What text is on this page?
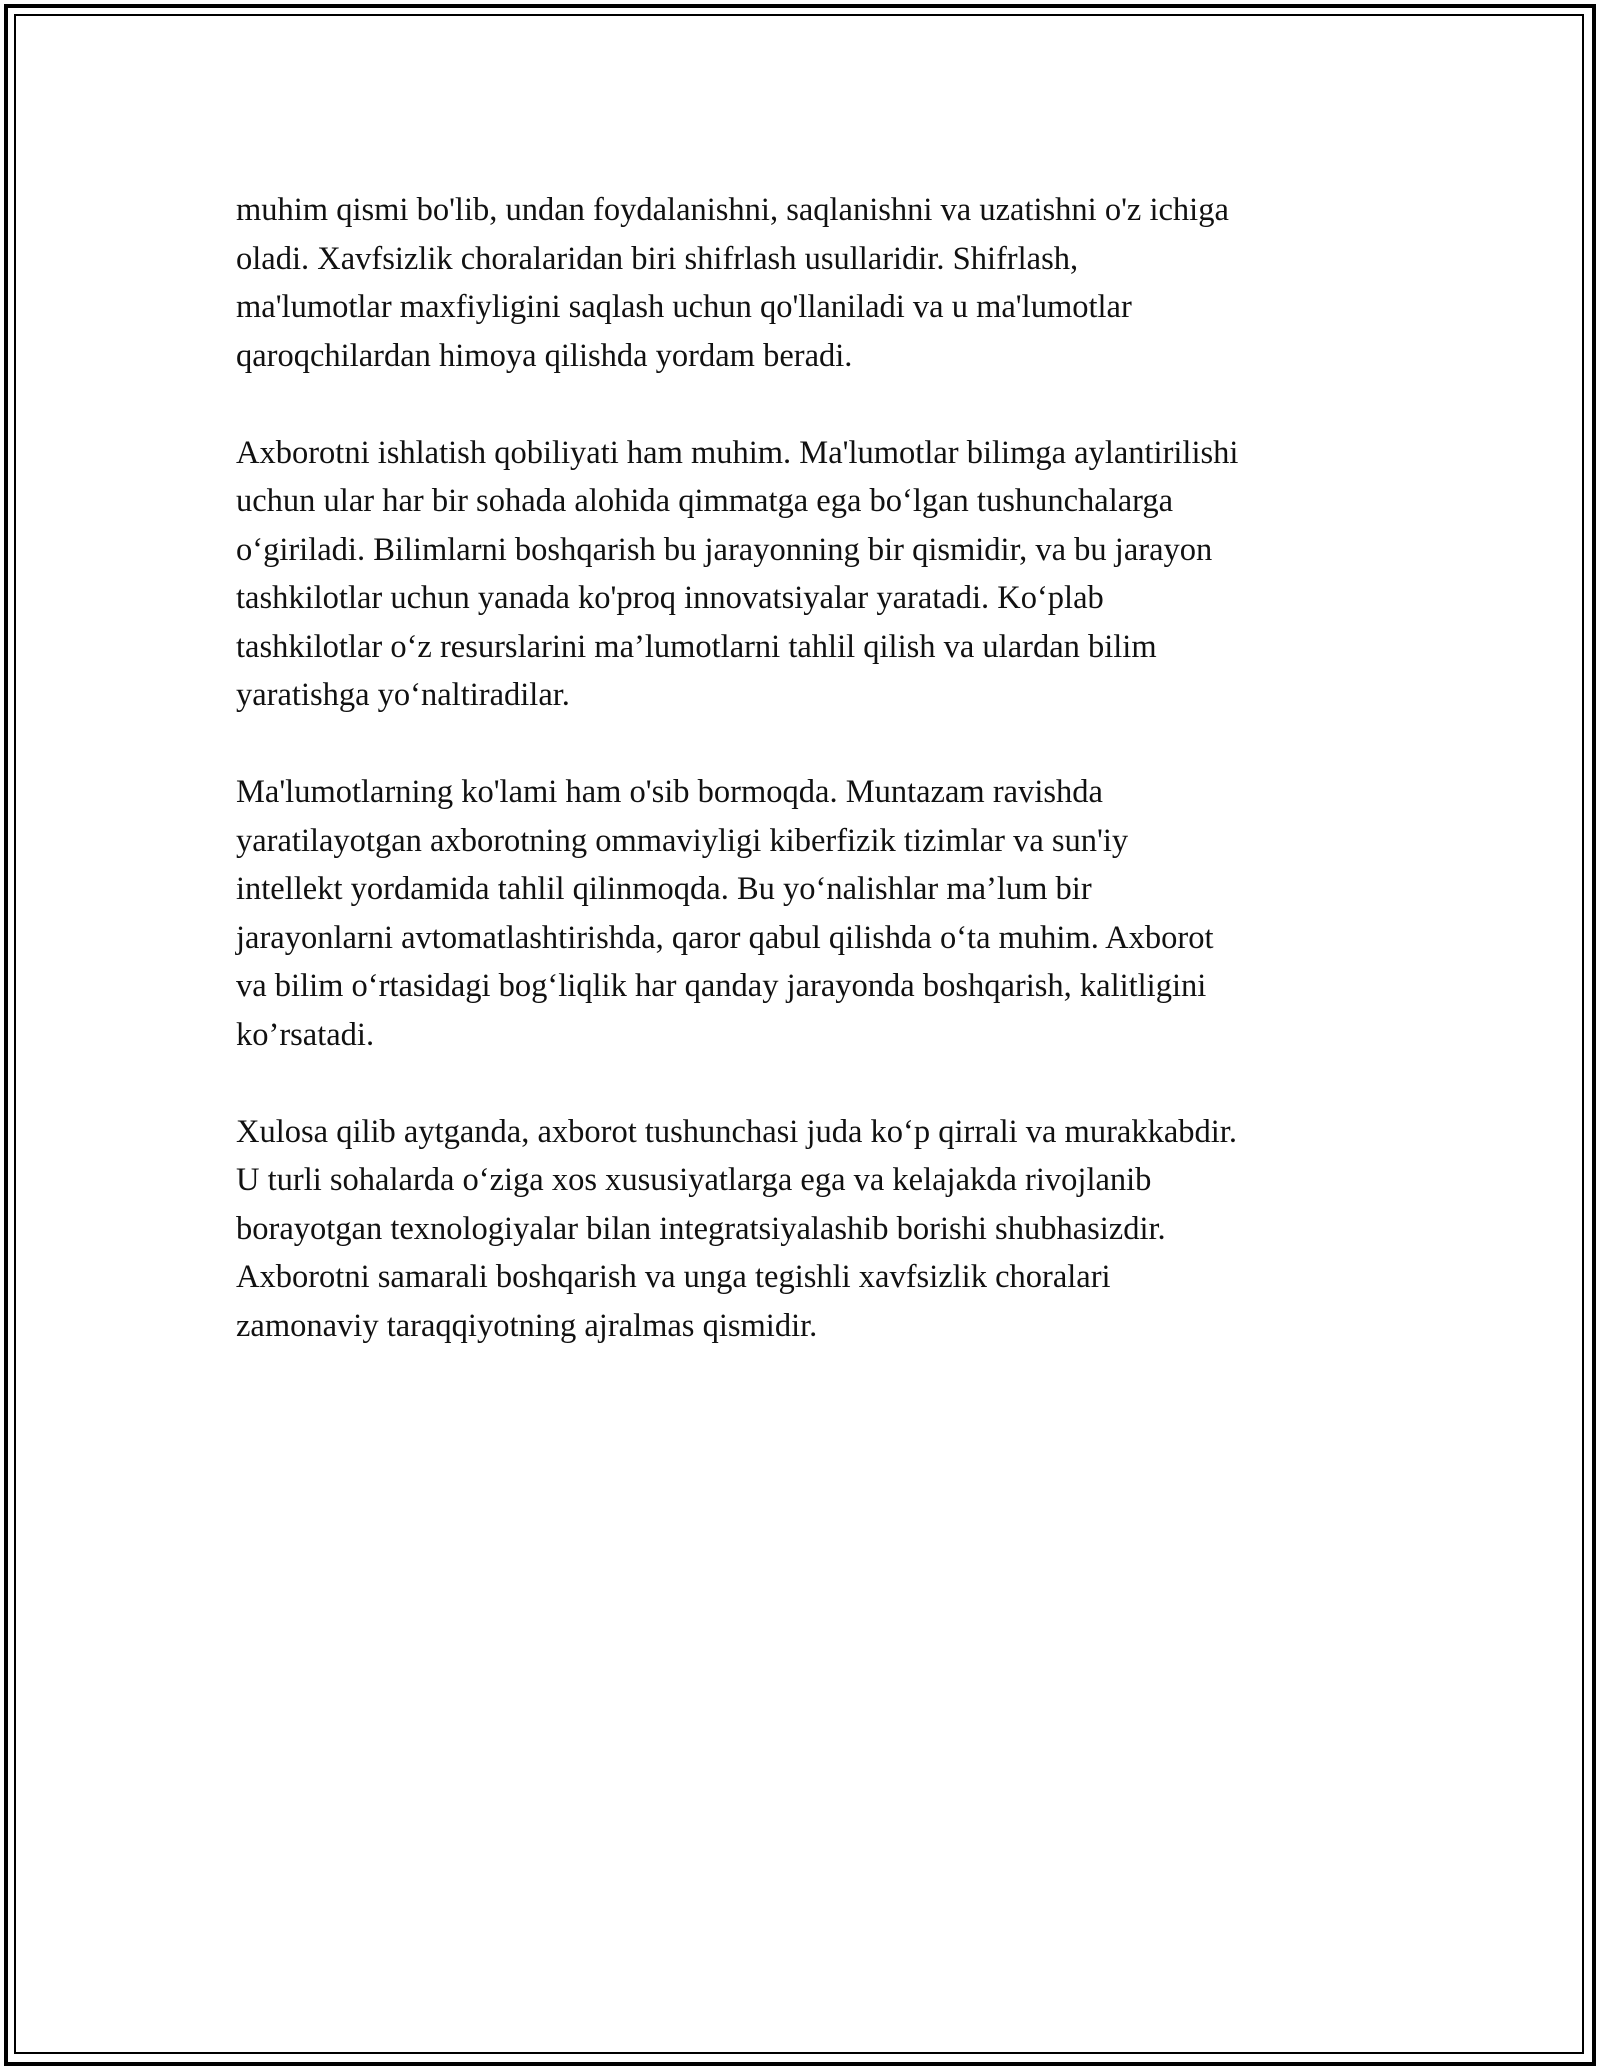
muhim qismi bo'lib, undan foydalanishni, saqlanishni va uzatishni o'z ichiga
oladi. Xavfsizlik choralaridan biri shifrlash usullaridir. Shifrlash,
ma'lumotlar maxfiyligini saqlash uchun qo'llaniladi va u ma'lumotlar
qaroqchilardan himoya qilishda yordam beradi.

Axborotni ishlatish qobiliyati ham muhim. Ma'lumotlar bilimga aylantirilishi
uchun ular har bir sohada alohida qimmatga ega bo‘lgan tushunchalarga
o‘giriladi. Bilimlarni boshqarish bu jarayonning bir qismidir, va bu jarayon
tashkilotlar uchun yanada ko'proq innovatsiyalar yaratadi. Ko‘plab
tashkilotlar o‘z resurslarini ma’lumotlarni tahlil qilish va ulardan bilim
yaratishga yo‘naltiradilar.

Ma'lumotlarning ko'lami ham o'sib bormoqda. Muntazam ravishda
yaratilayotgan axborotning ommaviyligi kiberfizik tizimlar va sun'iy
intellekt yordamida tahlil qilinmoqda. Bu yo‘nalishlar ma’lum bir
jarayonlarni avtomatlashtirishda, qaror qabul qilishda o‘ta muhim. Axborot
va bilim o‘rtasidagi bog‘liqlik har qanday jarayonda boshqarish, kalitligini
ko’rsatadi.

Xulosa qilib aytganda, axborot tushunchasi juda ko‘p qirrali va murakkabdir.
U turli sohalarda o‘ziga xos xususiyatlarga ega va kelajakda rivojlanib
borayotgan texnologiyalar bilan integratsiyalashib borishi shubhasizdir.
Axborotni samarali boshqarish va unga tegishli xavfsizlik choralari
zamonaviy taraqqiyotning ajralmas qismidir.
